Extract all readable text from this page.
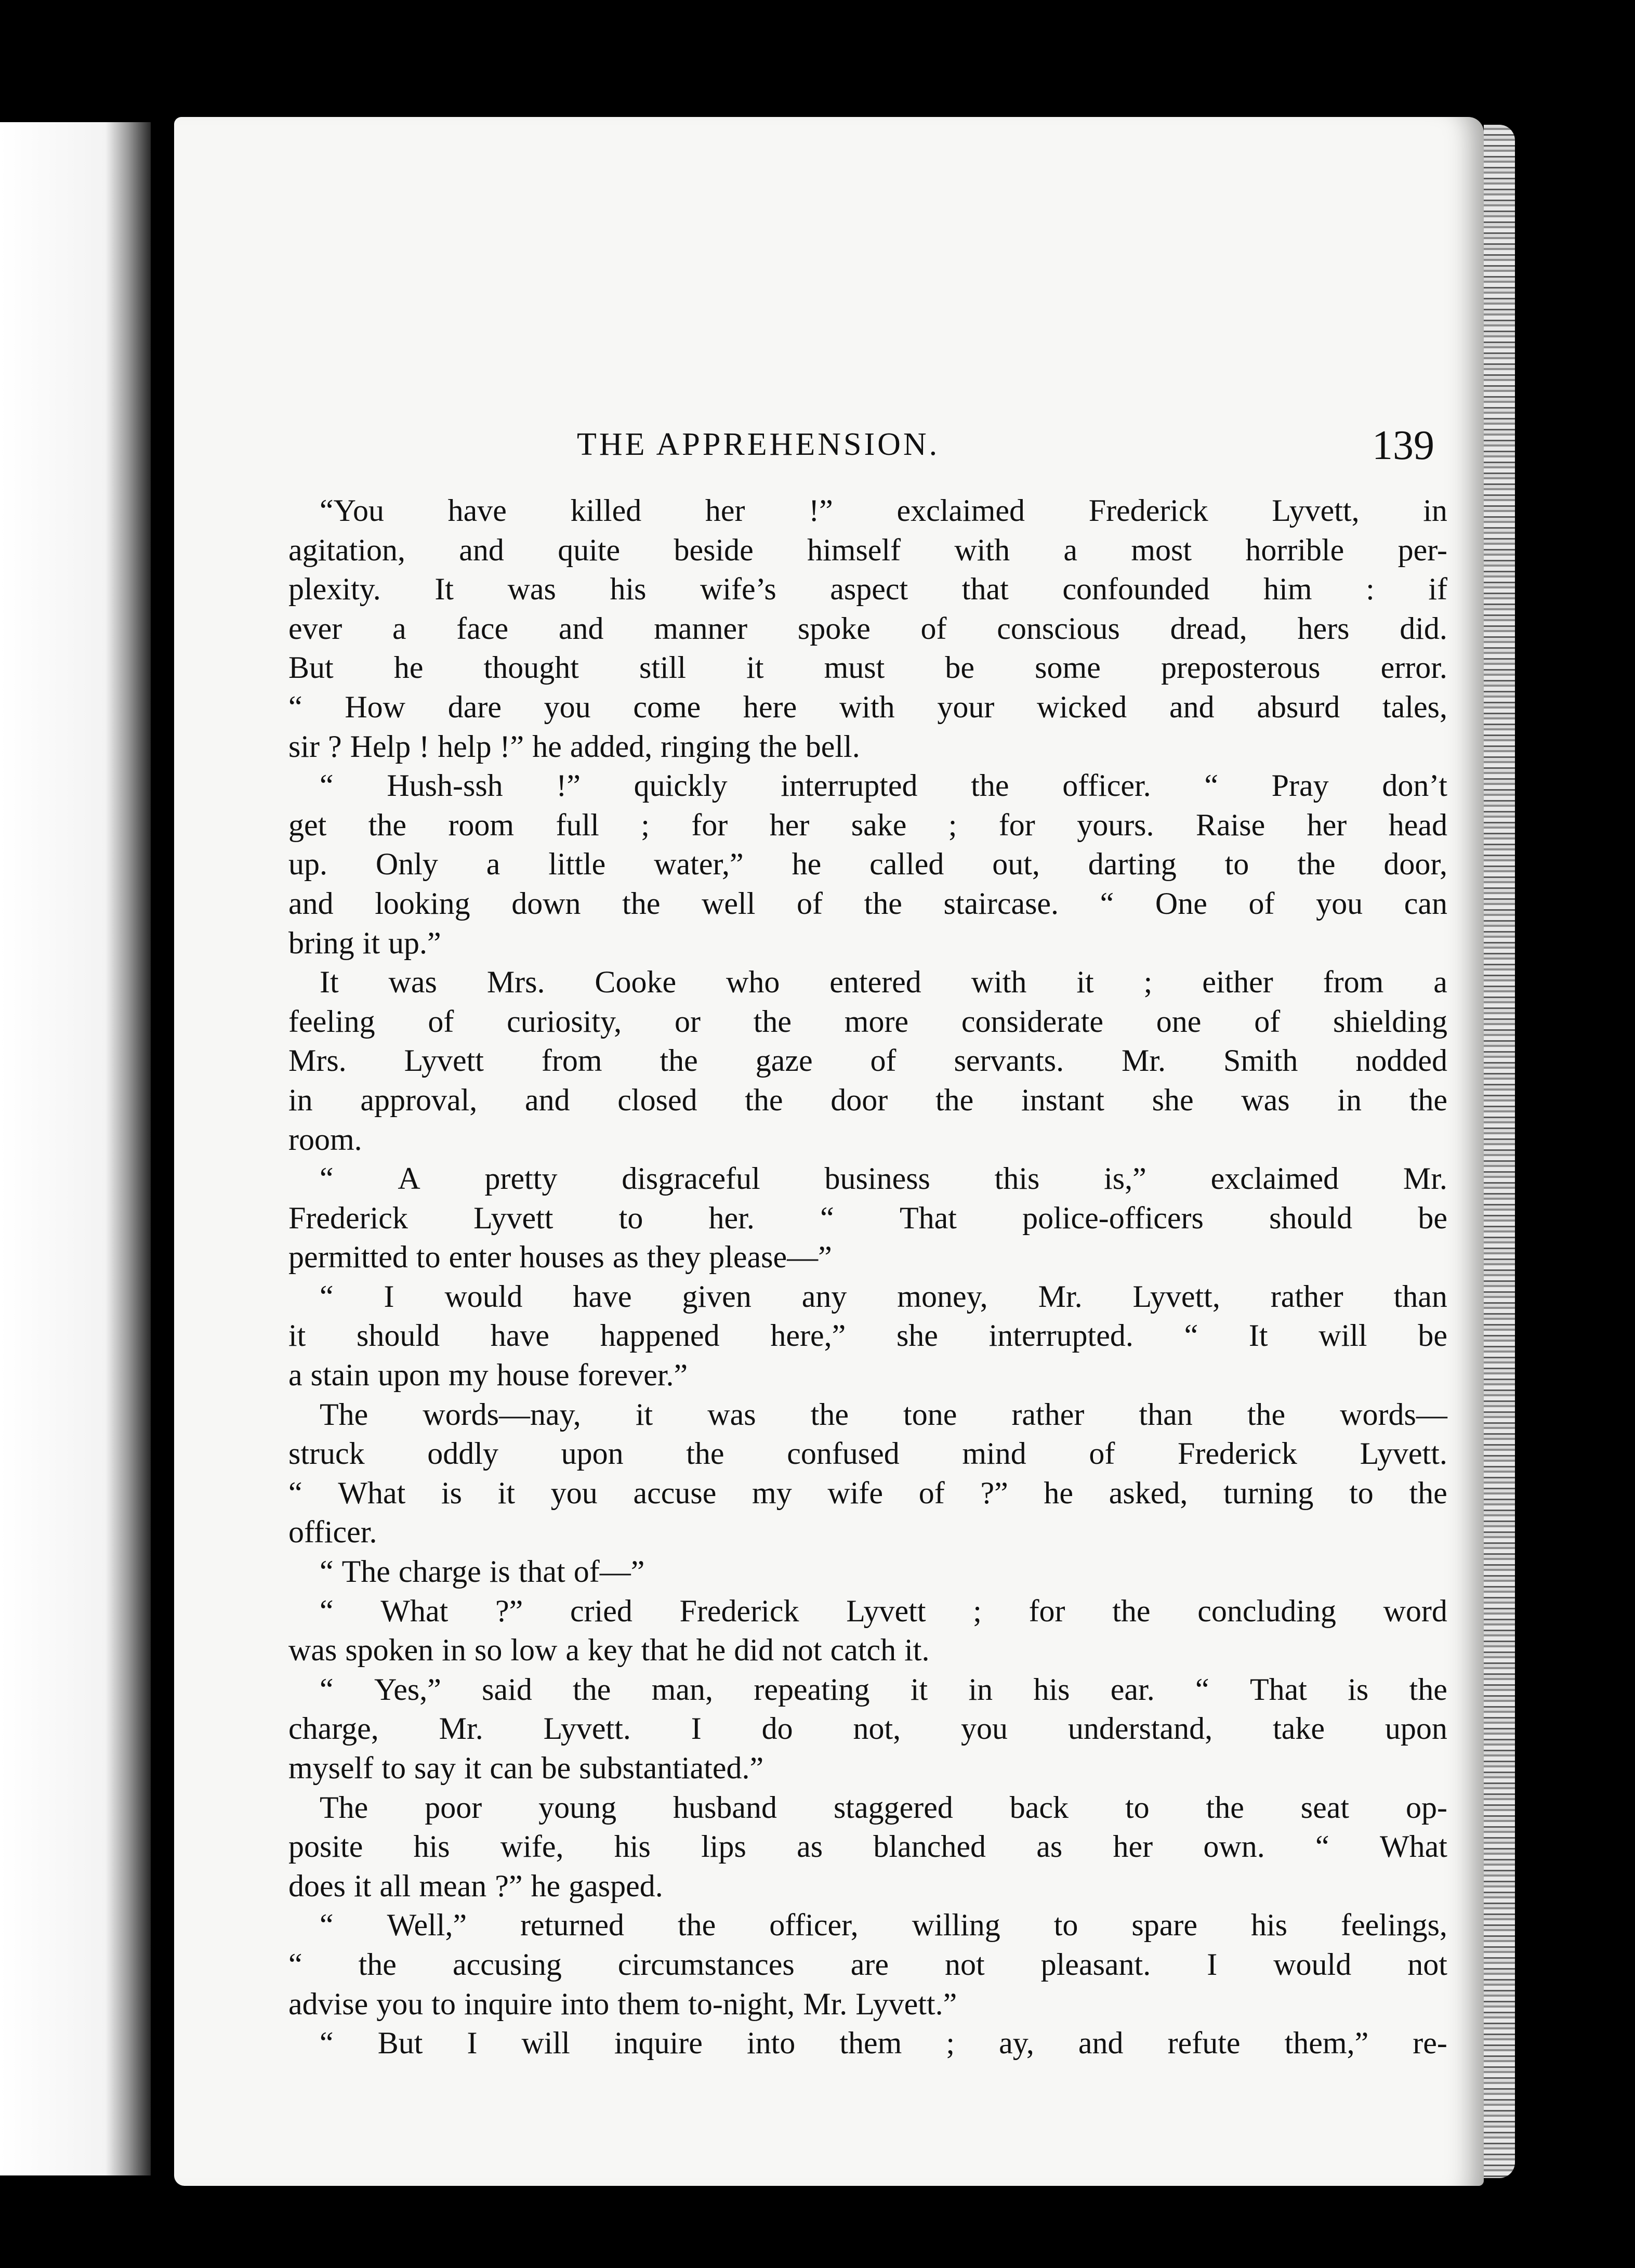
THE APPREHENSION.	139
“You have killed her !” exclaimed Frederick Lyvett, in
agitation, and quite beside himself with a most horrible per-
plexity. It was his wife’s aspect that confounded him : if
ever a face and manner spoke of conscious dread, hers did.
But he thought still it must be some preposterous error.
“ How dare you come here with your wicked and absurd tales,
sir ? Help ! help !” he added, ringing the bell.
“ Hush-ssh !” quickly interrupted the officer. “ Pray don’t
get the room full ; for her sake ; for yours. Raise her head
up. Only a little water,” he called out, darting to the door,
and looking down the well of the staircase. “ One of you can
bring it up.”
It was Mrs. Cooke who entered with it ; either from a
feeling of curiosity, or the more considerate one of shielding
Mrs. Lyvett from the gaze of servants. Mr. Smith nodded
in approval, and closed the door the instant she was in the
room.
“ A pretty disgraceful business this is,” exclaimed Mr.
Frederick Lyvett to her. “ That police-officers should be
permitted to enter houses as they please—”
“ I would have given any money, Mr. Lyvett, rather than
it should have happened here,” she interrupted. “ It will be
a stain upon my house forever.”
The words—nay, it was the tone rather than the words—
struck oddly upon the confused mind of Frederick Lyvett.
“ What is it you accuse my wife of ?” he asked, turning to the
officer.
“ The charge is that of—”
“ What ?” cried Frederick Lyvett ; for the concluding word
was spoken in so low a key that he did not catch it.
“ Yes,” said the man, repeating it in his ear. “ That is the
charge, Mr. Lyvett. I do not, you understand, take upon
myself to say it can be substantiated.”
The poor young husband staggered back to the seat op-
posite his wife, his lips as blanched as her own. “ What
does it all mean ?” he gasped.
“ Well,” returned the officer, willing to spare his feelings,
“ the accusing circumstances are not pleasant. I would not
advise you to inquire into them to-night, Mr. Lyvett.”
“ But I will inquire into them ; ay, and refute them,” re-
